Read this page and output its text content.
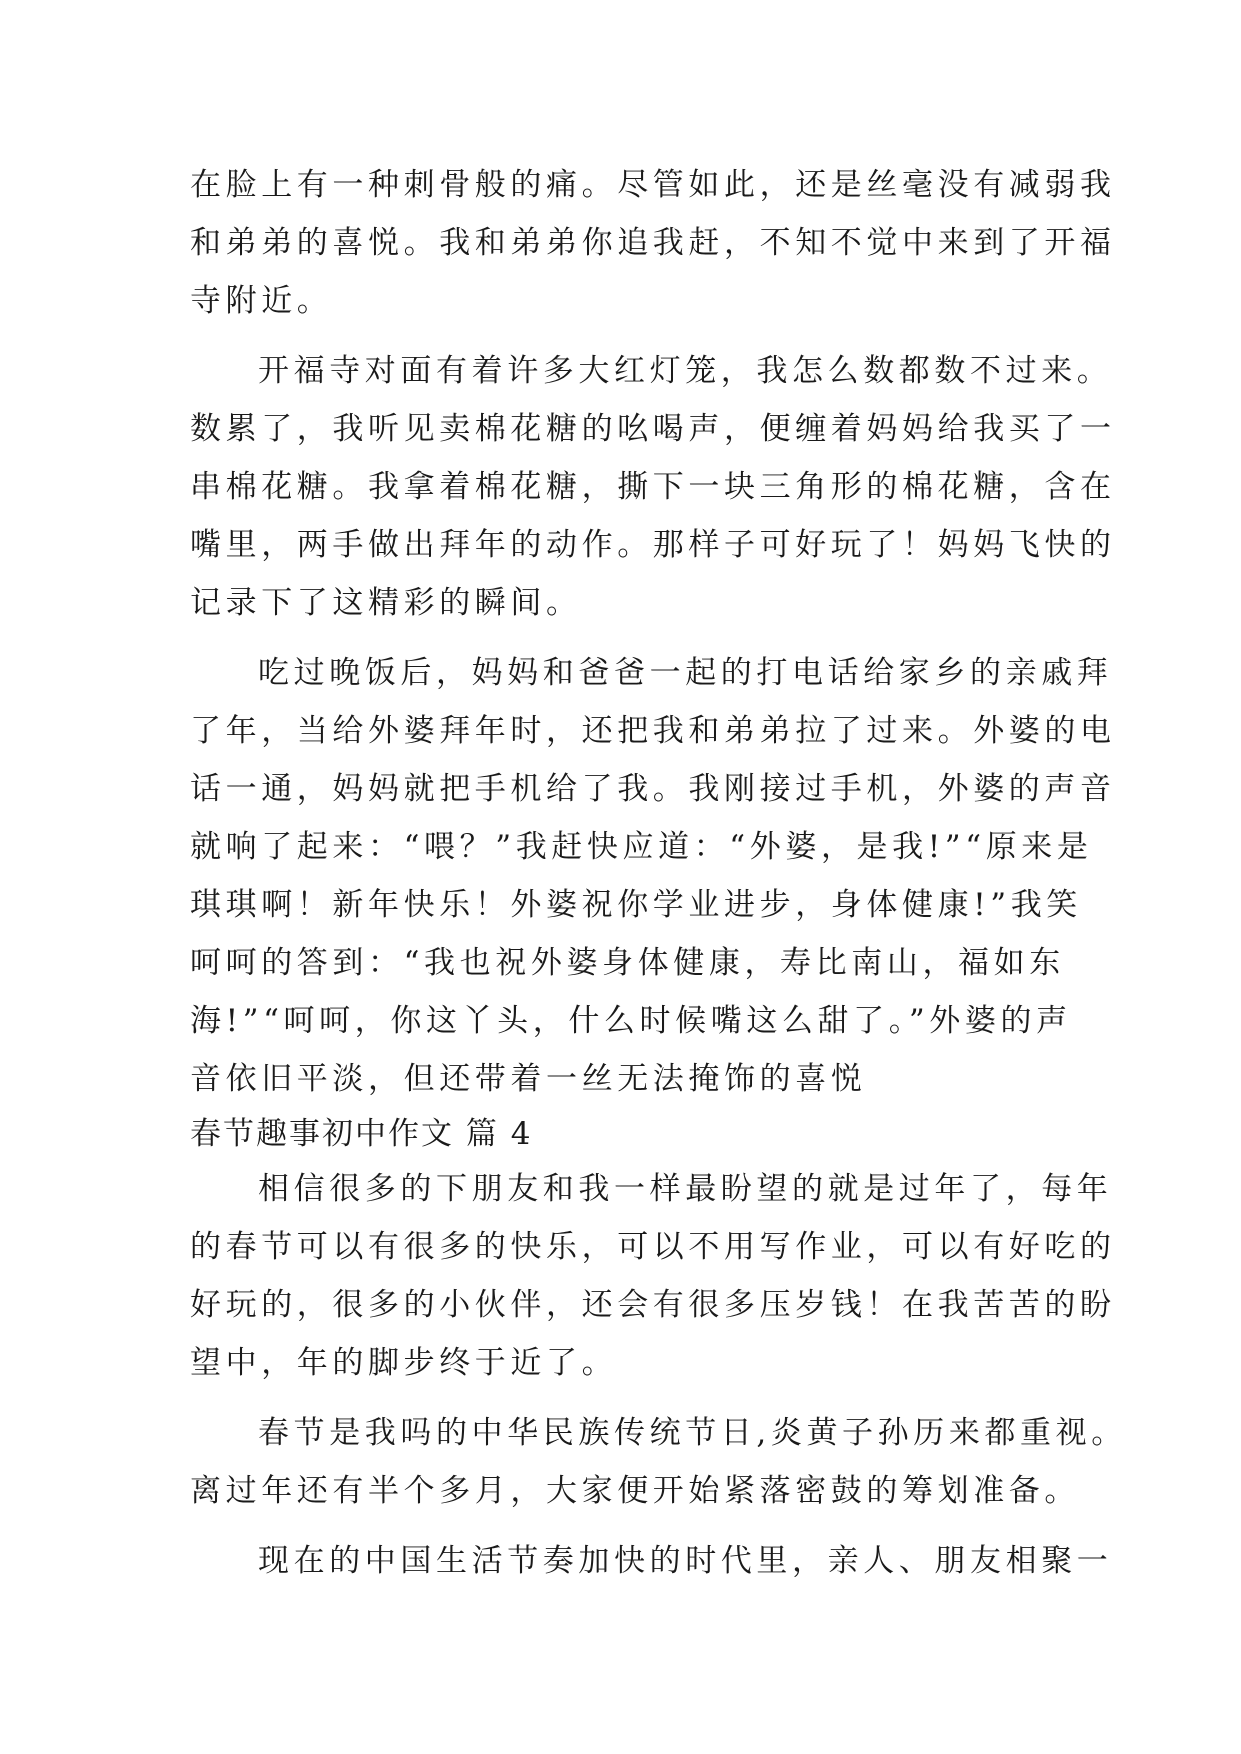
在脸上有一种刺骨般的痛。尽管如此，还是丝毫没有减弱我
和弟弟的喜悦。我和弟弟你追我赶，不知不觉中来到了开福
寺附近。
开福寺对面有着许多大红灯笼，我怎么数都数不过来。
数累了，我听见卖棉花糖的吆喝声，便缠着妈妈给我买了一
串棉花糖。我拿着棉花糖，撕下一块三角形的棉花糖，含在
嘴里，两手做出拜年的动作。那样子可好玩了！妈妈飞快的
记录下了这精彩的瞬间。
吃过晚饭后，妈妈和爸爸一起的打电话给家乡的亲戚拜
了年，当给外婆拜年时，还把我和弟弟拉了过来。外婆的电
话一通，妈妈就把手机给了我。我刚接过手机，外婆的声音
就响了起来：“喂？”我赶快应道：“外婆，是我!”“原来是
琪琪啊！新年快乐！外婆祝你学业进步，身体健康!”我笑
呵呵的答到：“我也祝外婆身体健康，寿比南山，福如东
海!”“呵呵，你这丫头，什么时候嘴这么甜了。”外婆的声
音依旧平淡，但还带着一丝无法掩饰的喜悦
春节趣事初中作文 篇 4
相信很多的下朋友和我一样最盼望的就是过年了，每年
的春节可以有很多的快乐，可以不用写作业，可以有好吃的
好玩的，很多的小伙伴，还会有很多压岁钱！在我苦苦的盼
望中，年的脚步终于近了。
春节是我吗的中华民族传统节日,炎黄子孙历来都重视。
离过年还有半个多月，大家便开始紧落密鼓的筹划准备。
现在的中国生活节奏加快的时代里，亲人、朋友相聚一
